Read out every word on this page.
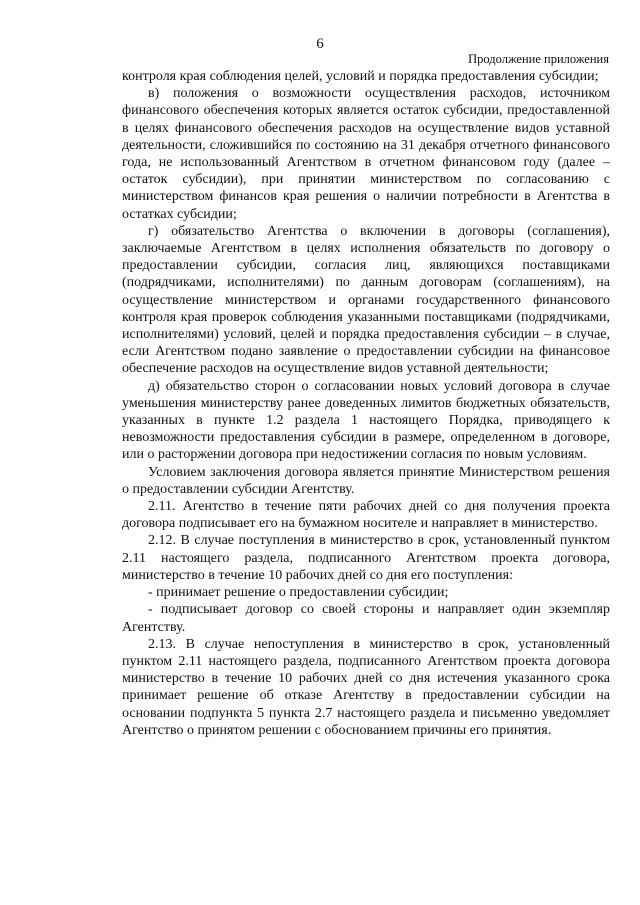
6
Продолжение приложения

контроля края соблюдения целей, условий и порядка предоставления субсидии;

в) положения о возможности осуществления расходов, источником финансового обеспечения которых является остаток субсидии, предоставленной в целях финансового обеспечения расходов на осуществление видов уставной деятельности, сложившийся по состоянию на 31 декабря отчетного финансового года, не использованный Агентством в отчетном финансовом году (далее – остаток субсидии), при принятии министерством по согласованию с министерством финансов края решения о наличии потребности в Агентства в остатках субсидии;

г) обязательство Агентства о включении в договоры (соглашения), заключаемые Агентством в целях исполнения обязательств по договору о предоставлении субсидии, согласия лиц, являющихся поставщиками (подрядчиками, исполнителями) по данным договорам (соглашениям), на осуществление министерством и органами государственного финансового контроля края проверок соблюдения указанными поставщиками (подрядчиками, исполнителями) условий, целей и порядка предоставления субсидии – в случае, если Агентством подано заявление о предоставлении субсидии на финансовое обеспечение расходов на осуществление видов уставной деятельности;

д) обязательство сторон о согласовании новых условий договора в случае уменьшения министерству ранее доведенных лимитов бюджетных обязательств, указанных в пункте 1.2 раздела 1 настоящего Порядка, приводящего к невозможности предоставления субсидии в размере, определенном в договоре, или о расторжении договора при недостижении согласия по новым условиям.

Условием заключения договора является принятие Министерством решения о предоставлении субсидии Агентству.

2.11. Агентство в течение пяти рабочих дней со дня получения проекта договора подписывает его на бумажном носителе и направляет в министерство.

2.12. В случае поступления в министерство в срок, установленный пунктом 2.11 настоящего раздела, подписанного Агентством проекта договора, министерство в течение 10 рабочих дней со дня его поступления:

- принимает решение о предоставлении субсидии;

- подписывает договор со своей стороны и направляет один экземпляр Агентству.

2.13. В случае непоступления в министерство в срок, установленный пунктом 2.11 настоящего раздела, подписанного Агентством проекта договора министерство в течение 10 рабочих дней со дня истечения указанного срока принимает решение об отказе Агентству в предоставлении субсидии на основании подпункта 5 пункта 2.7 настоящего раздела и письменно уведомляет Агентство о принятом решении с обоснованием причины его принятия.
